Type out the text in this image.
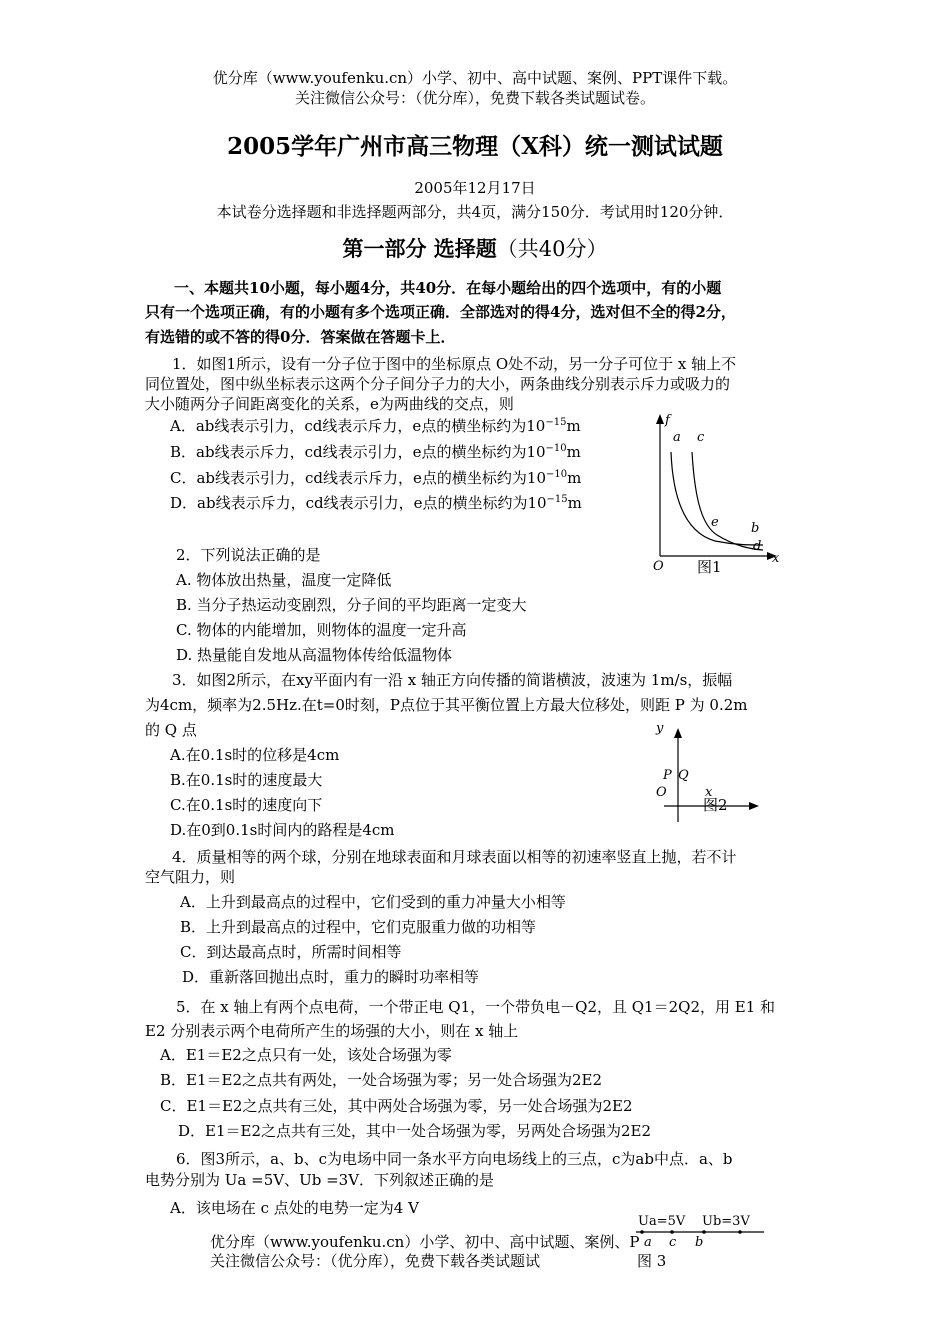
优分库（www.youfenku.cn）小学、初中、高中试题、案例、PPT课件下载。
关注微信公众号：（优分库），免费下载各类试题试卷。
2005学年广州市高三物理（X科）统一测试试题
2005年12月17日
本试卷分选择题和非选择题两部分，共4页，满分150分．考试用时120分钟．
第一部分 选择题（共40分）
一、本题共10小题，每小题4分，共40分．在每小题给出的四个选项中，有的小题
只有一个选项正确，有的小题有多个选项正确．全部选对的得4分，选对但不全的得2分，
有选错的或不答的得0分．答案做在答题卡上．
1．如图1所示，设有一分子位于图中的坐标原点 O处不动，另一分子可位于 x 轴上不
同位置处，图中纵坐标表示这两个分子间分子力的大小，两条曲线分别表示斥力或吸力的
大小随两分子间距离变化的关系，e为两曲线的交点，则
A．ab线表示引力，cd线表示斥力，e点的横坐标约为$10^{-15}m$
B．ab线表示斥力，cd线表示引力，e点的横坐标约为$10^{-10}m$
C．ab线表示引力，cd线表示斥力，e点的横坐标约为$10^{-10}m$
D．ab线表示斥力，cd线表示引力，e点的横坐标约为$10^{-15}m$
f
a c
e b
d
x
O 图1
2．下列说法正确的是
A. 物体放出热量，温度一定降低
B. 当分子热运动变剧烈，分子间的平均距离一定变大
C. 物体的内能增加，则物体的温度一定升高
D. 热量能自发地从高温物体传给低温物体
3．如图2所示，在xy平面内有一沿 x 轴正方向传播的简谐横波，波速为 1m/s，振幅
为4cm，频率为2.5Hz.在t=0时刻，P点位于其平衡位置上方最大位移处，则距 P 为 0.2m
的 Q 点
A.在0.1s时的位移是4cm
B.在0.1s时的速度最大
C.在0.1s时的速度向下
D.在0到0.1s时间内的路程是4cm
y
P Q
O	x
图2
4．质量相等的两个球，分别在地球表面和月球表面以相等的初速率竖直上抛，若不计
空气阻力，则
A．上升到最高点的过程中，它们受到的重力冲量大小相等
B．上升到最高点的过程中，它们克服重力做的功相等
C．到达最高点时，所需时间相等
D．重新落回抛出点时，重力的瞬时功率相等
5．在 x 轴上有两个点电荷，一个带正电 Q1，一个带负电－Q2，且 Q1＝2Q2，用 E1 和
E2 分别表示两个电荷所产生的场强的大小，则在 x 轴上
A．E1＝E2之点只有一处，该处合场强为零
B．E1＝E2之点共有两处，一处合场强为零；另一处合场强为2E2
C．E1＝E2之点共有三处，其中两处合场强为零，另一处合场强为2E2
D．E1＝E2之点共有三处，其中一处合场强为零，另两处合场强为2E2
6．图3所示，a、b、c为电场中同一条水平方向电场线上的三点，c为ab中点．a、b
电势分别为 Ua =5V、Ub =3V．下列叙述正确的是
A．该电场在 c 点处的电势一定为4 V
优分库（www.youfenku.cn）小学、初中、高中试题、案例、P
关注微信公众号：（优分库），免费下载各类试题试
Ua=5V Ub=3V
a c b
图 3
